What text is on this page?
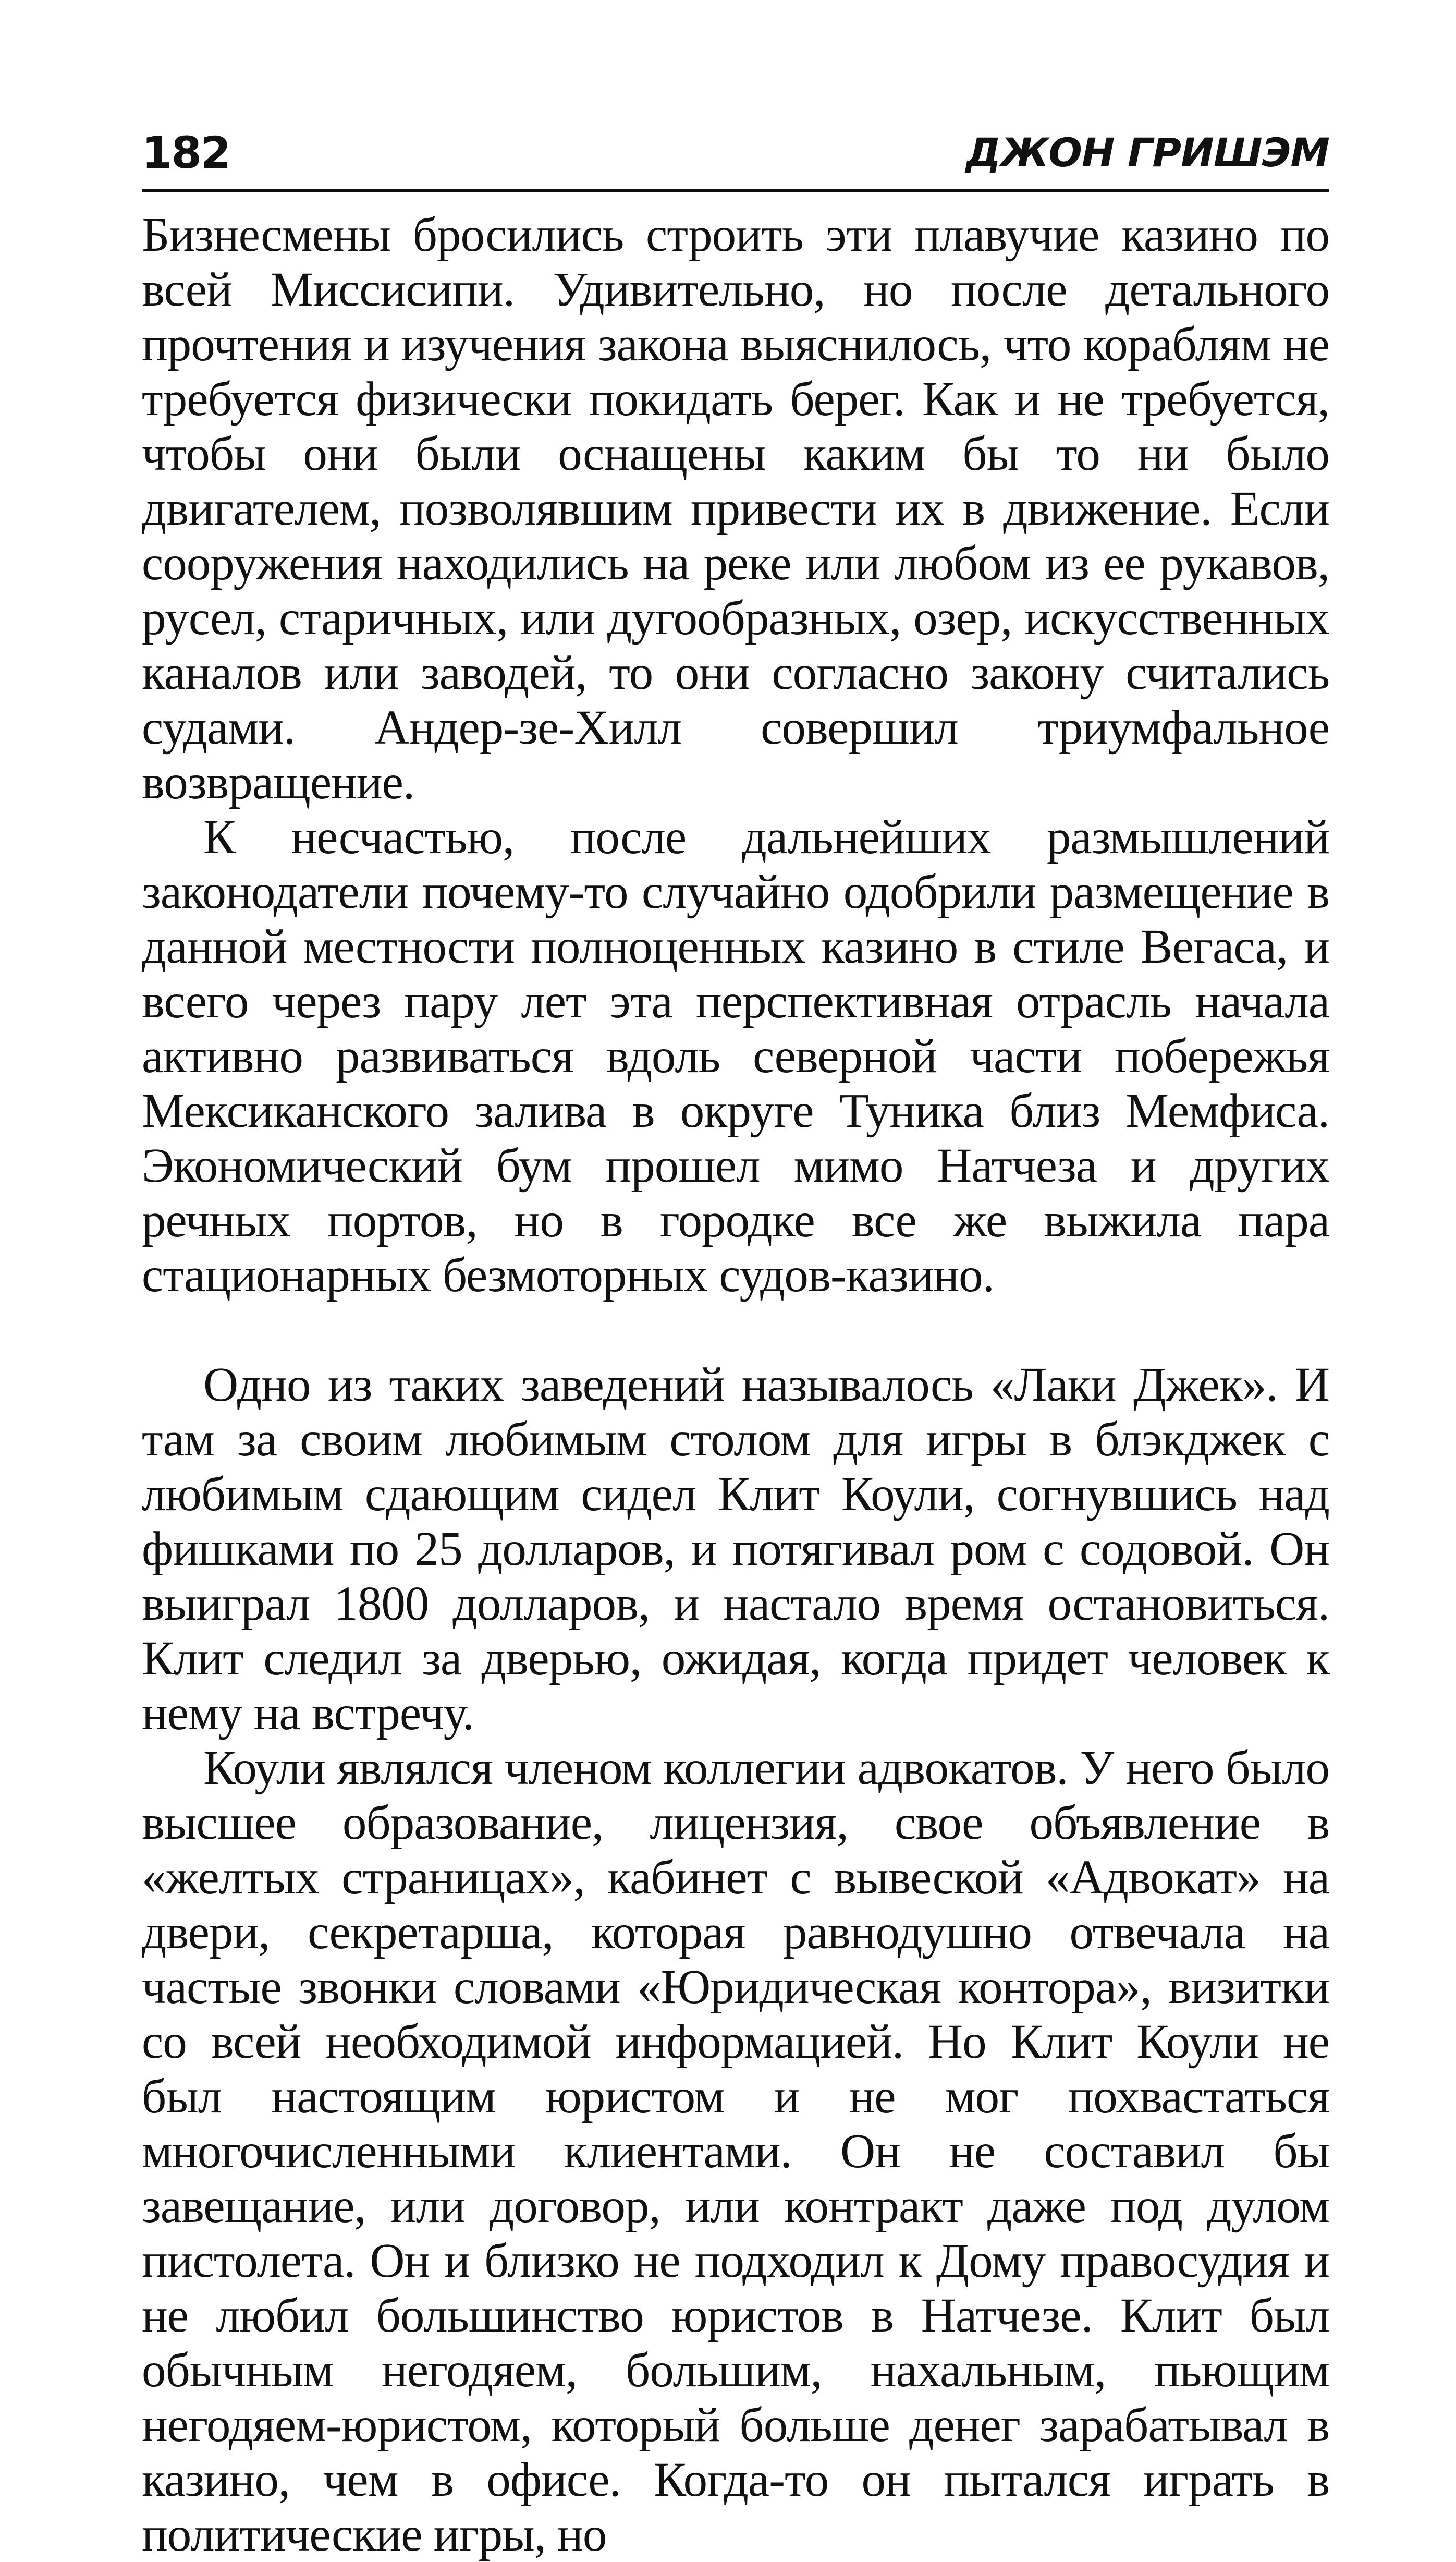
182	ДЖОН ГРИШЭМ

Бизнесмены бросились строить эти плавучие казино по всей Миссисипи. Удивительно, но после детального прочтения и изучения закона выяснилось, что кораблям не требуется физически покидать берег. Как и не требуется, чтобы они были оснащены каким бы то ни было двигателем, позволявшим привести их в движение. Если сооружения находились на реке или любом из ее рукавов, русел, старичных, или дугообразных, озер, искусственных каналов или заводей, то они согласно закону считались судами. Андер-зе-Хилл совершил триумфальное возвращение.

К несчастью, после дальнейших размышлений законодатели почему-то случайно одобрили размещение в данной местности полноценных казино в стиле Вегаса, и всего через пару лет эта перспективная отрасль начала активно развиваться вдоль северной части побережья Мексиканского залива в округе Туника близ Мемфиса. Экономический бум прошел мимо Натчеза и других речных портов, но в городке все же выжила пара стационарных безмоторных судов-казино.

Одно из таких заведений называлось «Лаки Джек». И там за своим любимым столом для игры в блэкджек с любимым сдающим сидел Клит Коули, согнувшись над фишками по 25 долларов, и потягивал ром с содовой. Он выиграл 1800 долларов, и настало время остановиться. Клит следил за дверью, ожидая, когда придет человек к нему на встречу.

Коули являлся членом коллегии адвокатов. У него было высшее образование, лицензия, свое объявление в «желтых страницах», кабинет с вывеской «Адвокат» на двери, секретарша, которая равнодушно отвечала на частые звонки словами «Юридическая контора», визитки со всей необходимой информацией. Но Клит Коули не был настоящим юристом и не мог похвастаться многочисленными клиентами. Он не составил бы завещание, или договор, или контракт даже под дулом пистолета. Он и близко не подходил к Дому правосудия и не любил большинство юристов в Натчезе. Клит был обычным негодяем, большим, нахальным, пьющим негодяем-юристом, который больше денег зарабатывал в казино, чем в офисе. Когда-то он пытался играть в политические игры, но
